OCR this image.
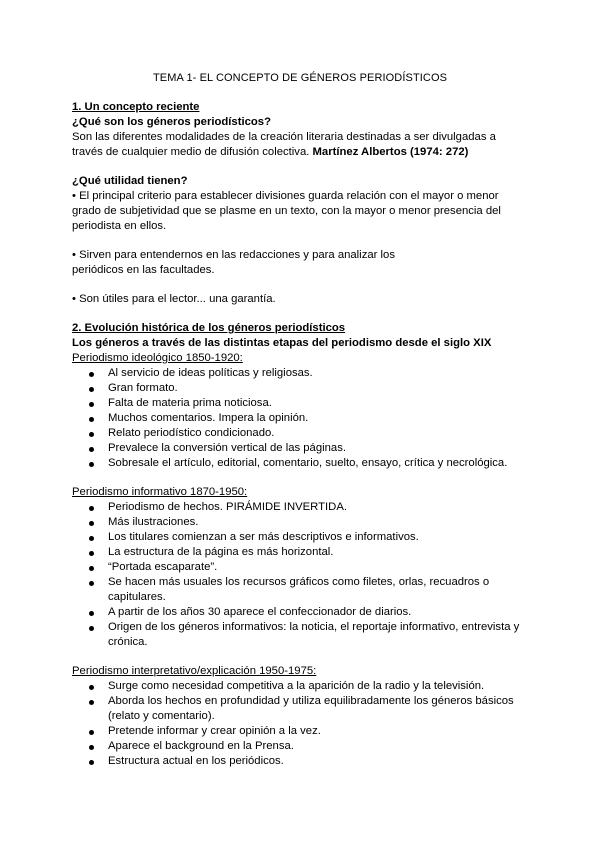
TEMA 1- EL CONCEPTO DE GÉNEROS PERIODÍSTICOS
1. Un concepto reciente
¿Qué son los géneros periodísticos?
Son las diferentes modalidades de la creación literaria destinadas a ser divulgadas a través de cualquier medio de difusión colectiva. Martínez Albertos (1974: 272)
¿Qué utilidad tienen?
• El principal criterio para establecer divisiones guarda relación con el mayor o menor grado de subjetividad que se plasme en un texto, con la mayor o menor presencia del periodista en ellos.
• Sirven para entendernos en las redacciones y para analizar los
periódicos en las facultades.
• Son útiles para el lector... una garantía.
2. Evolución histórica de los géneros periodísticos
Los géneros a través de las distintas etapas del periodismo desde el siglo XIX
Periodismo ideológico 1850-1920:
Al servicio de ideas políticas y religiosas.
Gran formato.
Falta de materia prima noticiosa.
Muchos comentarios. Impera la opinión.
Relato periodístico condicionado.
Prevalece la conversión vertical de las páginas.
Sobresale el artículo, editorial, comentario, suelto, ensayo, crítica y necrológica.
Periodismo informativo 1870-1950:
Periodismo de hechos. PIRÁMIDE INVERTIDA.
Más ilustraciones.
Los titulares comienzan a ser más descriptivos e informativos.
La estructura de la página es más horizontal.
“Portada escaparate”.
Se hacen más usuales los recursos gráficos como filetes, orlas, recuadros o capitulares.
A partir de los años 30 aparece el confeccionador de diarios.
Origen de los géneros informativos: la noticia, el reportaje informativo, entrevista y crónica.
Periodismo interpretativo/explicación 1950-1975:
Surge como necesidad competitiva a la aparición de la radio y la televisión.
Aborda los hechos en profundidad y utiliza equilibradamente los géneros básicos (relato y comentario).
Pretende informar y crear opinión a la vez.
Aparece el background en la Prensa.
Estructura actual en los periódicos.
